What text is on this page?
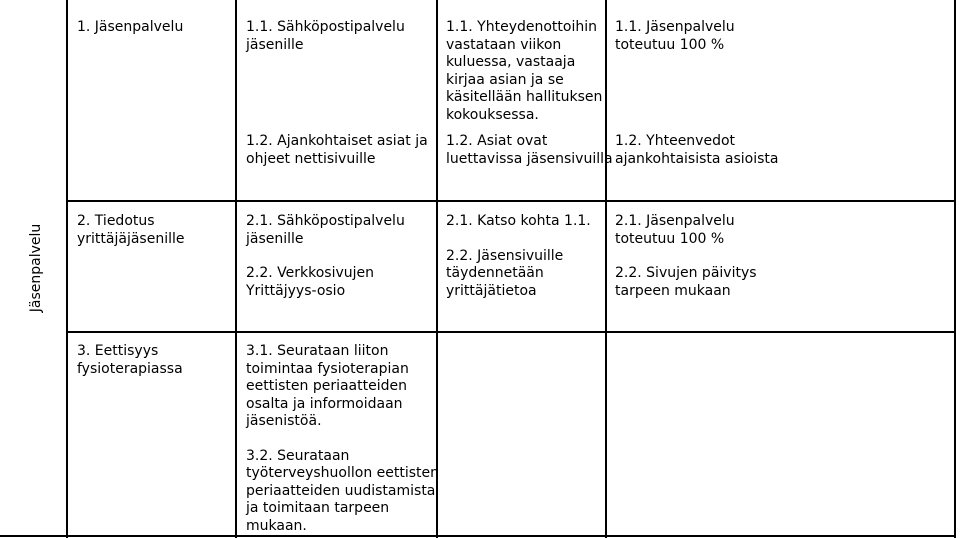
Jäsenpalvelu
1. Jäsenpalvelu	1.1. Sähköpostipalvelu
jäsenille
1.1. Yhteydenottoihin
vastataan viikon
kuluessa, vastaaja
kirjaa asian ja se
käsitellään hallituksen
kokouksessa.
1.1. Jäsenpalvelu
toteutuu 100 %
1.2. Ajankohtaiset asiat ja
ohjeet nettisivuille
1.2. Asiat ovat
luettavissa jäsensivuilla
1.2. Yhteenvedot
ajankohtaisista asioista
2. Tiedotus
yrittäjäjäsenille
2.1. Sähköpostipalvelu
jäsenille
2.2. Verkkosivujen
Yrittäjyys-osio
2.1. Katso kohta 1.1.
2.2. Jäsensivuille
täydennetään
yrittäjätietoa
2.1. Jäsenpalvelu
toteutuu 100 %
2.2. Sivujen päivitys
tarpeen mukaan
3. Eettisyys
fysioterapiassa
3.1. Seurataan liiton
toimintaa fysioterapian
eettisten periaatteiden
osalta ja informoidaan
jäsenistöä.
3.2. Seurataan
työterveyshuollon eettisten
periaatteiden uudistamista
ja toimitaan tarpeen
mukaan.
